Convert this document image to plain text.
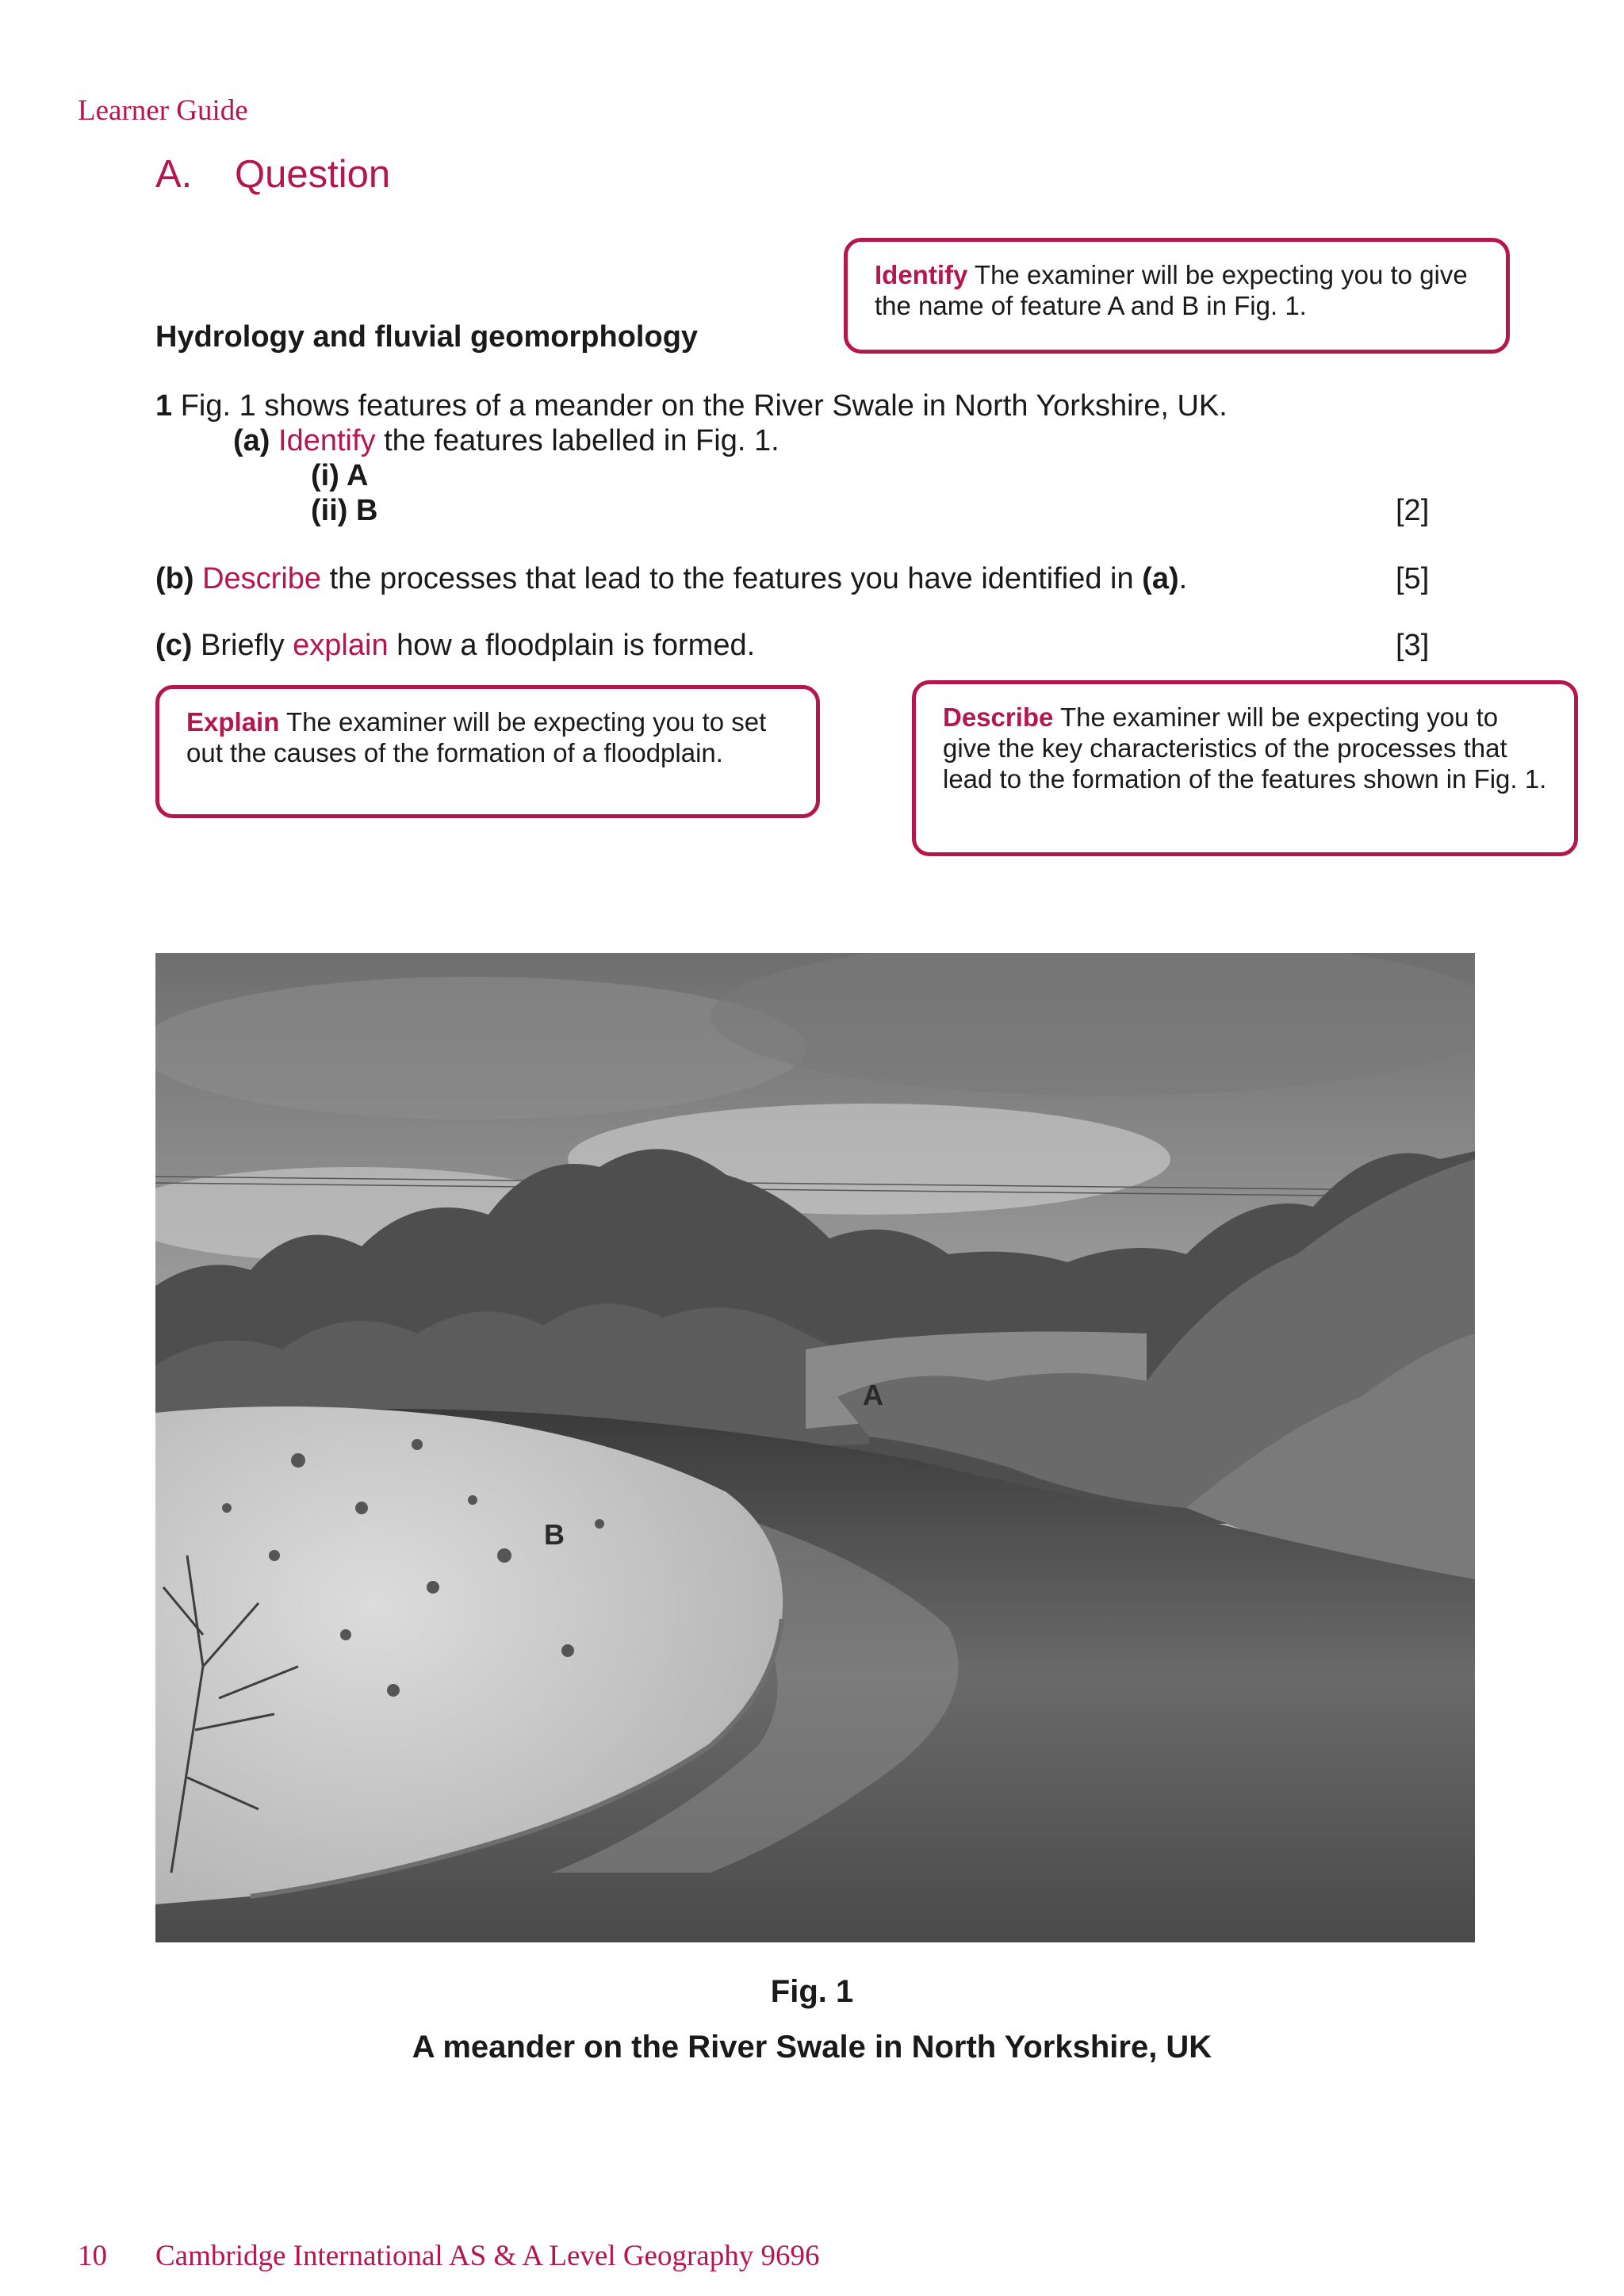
Learner Guide
A. Question
Identify The examiner will be expecting you to give the name of feature A and B in Fig. 1.
Hydrology and fluvial geomorphology
1 Fig. 1 shows features of a meander on the River Swale in North Yorkshire, UK.
(a) Identify the features labelled in Fig. 1.
(i) A
(ii) B	[2]
(b) Describe the processes that lead to the features you have identified in (a).	[5]
(c) Briefly explain how a floodplain is formed.	[3]
Explain The examiner will be expecting you to set out the causes of the formation of a floodplain.
Describe The examiner will be expecting you to give the key characteristics of the processes that lead to the formation of the features shown in Fig. 1.
A
B
Fig. 1
A meander on the River Swale in North Yorkshire, UK
10 Cambridge International AS & A Level Geography 9696
